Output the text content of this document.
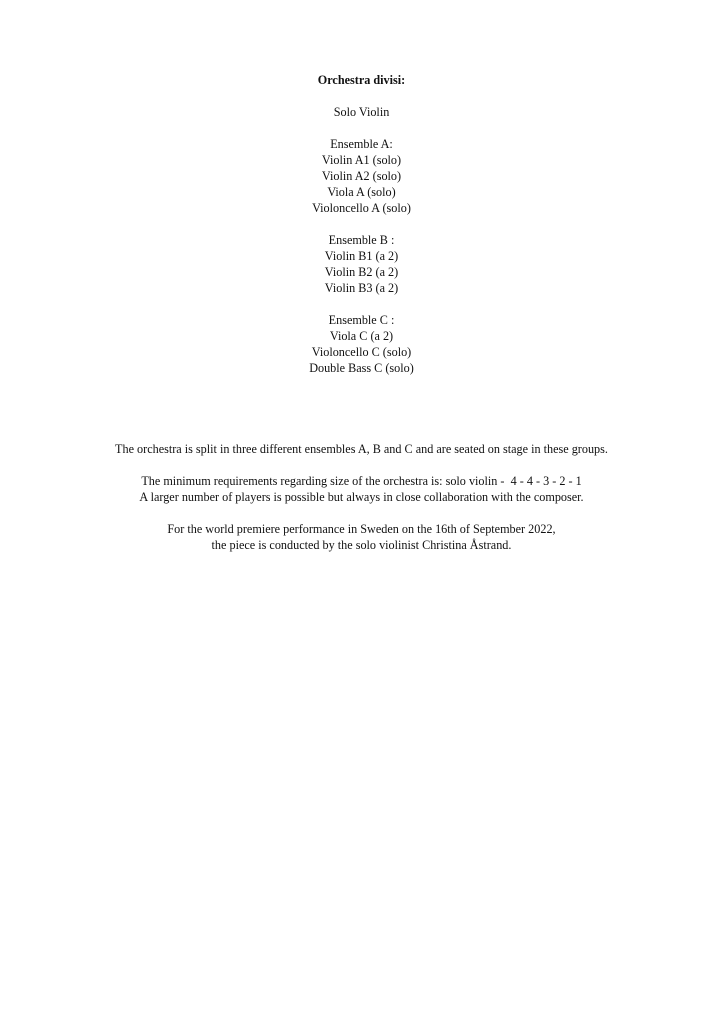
Orchestra divisi:
Solo Violin
Ensemble A:
Violin A1 (solo)
Violin A2 (solo)
Viola A (solo)
Violoncello A (solo)
Ensemble B :
Violin B1 (a 2)
Violin B2 (a 2)
Violin B3 (a 2)
Ensemble C :
Viola C (a 2)
Violoncello C (solo)
Double Bass C (solo)
The orchestra is split in three different ensembles A, B and C and are seated on stage in these groups.
The minimum requirements regarding size of the orchestra is: solo violin -  4 - 4 - 3 - 2 - 1
A larger number of players is possible but always in close collaboration with the composer.
For the world premiere performance in Sweden on the 16th of September 2022,
the piece is conducted by the solo violinist Christina Åstrand.
